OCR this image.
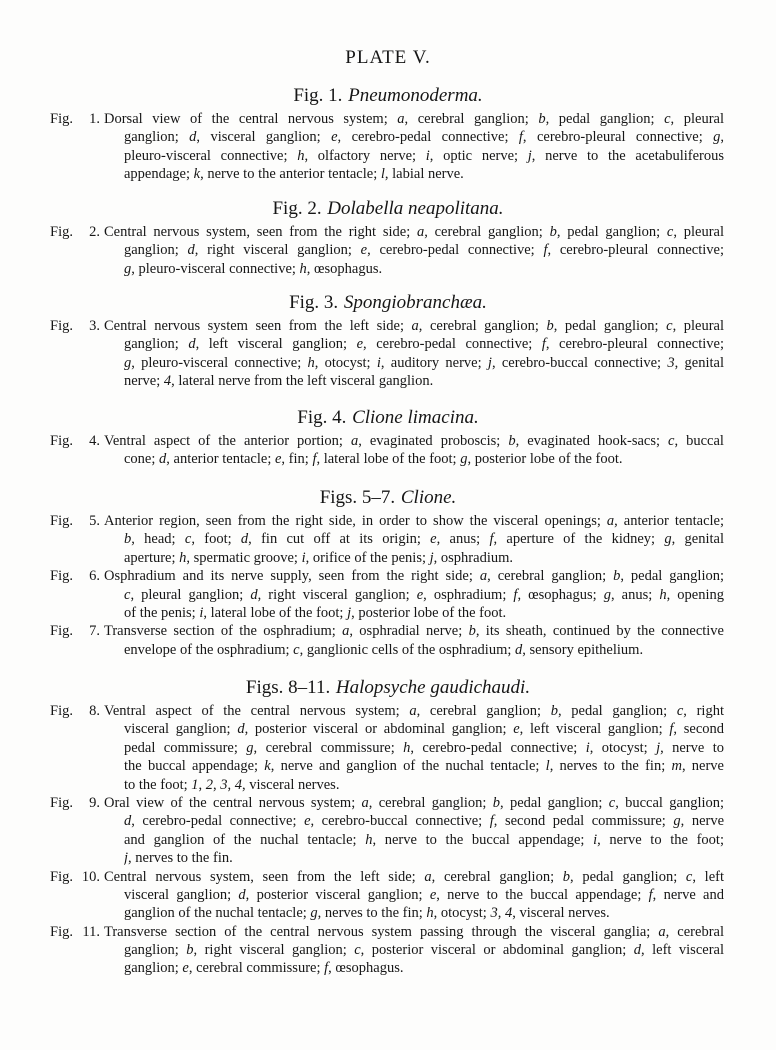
PLATE V.
Fig. 1. Pneumonoderma.
Fig.	1. Dorsal view of the central nervous system; a, cerebral ganglion; b, pedal ganglion; c, pleural
ganglion; d, visceral ganglion; e, cerebro-pedal connective; f, cerebro-pleural connective; g,
pleuro-visceral connective; h, olfactory nerve; i, optic nerve; j, nerve to the acetabuliferous
appendage; k, nerve to the anterior tentacle; l, labial nerve.
Fig. 2. Dolabella neapolitana.
Fig.	2. Central nervous system, seen from the right side; a, cerebral ganglion; b, pedal ganglion; c, pleural
ganglion; d, right visceral ganglion; e, cerebro-pedal connective; f, cerebro-pleural connective;
g, pleuro-visceral connective; h, œsophagus.
Fig. 3. Spongiobranchæa.
Fig.	3. Central nervous system seen from the left side; a, cerebral ganglion; b, pedal ganglion; c, pleural
ganglion; d, left visceral ganglion; e, cerebro-pedal connective; f, cerebro-pleural connective;
g, pleuro-visceral connective; h, otocyst; i, auditory nerve; j, cerebro-buccal connective; 3, genital
nerve; 4, lateral nerve from the left visceral ganglion.
Fig. 4. Clione limacina.
Fig.	4. Ventral aspect of the anterior portion; a, evaginated proboscis; b, evaginated hook-sacs; c, buccal
cone; d, anterior tentacle; e, fin; f, lateral lobe of the foot; g, posterior lobe of the foot.
Figs. 5–7. Clione.
Fig.	5. Anterior region, seen from the right side, in order to show the visceral openings; a, anterior tentacle;
b, head; c, foot; d, fin cut off at its origin; e, anus; f, aperture of the kidney; g, genital
aperture; h, spermatic groove; i, orifice of the penis; j, osphradium.
Fig.	6. Osphradium and its nerve supply, seen from the right side; a, cerebral ganglion; b, pedal ganglion;
c, pleural ganglion; d, right visceral ganglion; e, osphradium; f, œsophagus; g, anus; h, opening
of the penis; i, lateral lobe of the foot; j, posterior lobe of the foot.
Fig.	7. Transverse section of the osphradium; a, osphradial nerve; b, its sheath, continued by the connective
envelope of the osphradium; c, ganglionic cells of the osphradium; d, sensory epithelium.
Figs. 8–11. Halopsyche gaudichaudi.
Fig.	8. Ventral aspect of the central nervous system; a, cerebral ganglion; b, pedal ganglion; c, right
visceral ganglion; d, posterior visceral or abdominal ganglion; e, left visceral ganglion; f, second
pedal commissure; g, cerebral commissure; h, cerebro-pedal connective; i, otocyst; j, nerve to
the buccal appendage; k, nerve and ganglion of the nuchal tentacle; l, nerves to the fin; m, nerve
to the foot; 1, 2, 3, 4, visceral nerves.
Fig.	9. Oral view of the central nervous system; a, cerebral ganglion; b, pedal ganglion; c, buccal ganglion;
d, cerebro-pedal connective; e, cerebro-buccal connective; f, second pedal commissure; g, nerve
and ganglion of the nuchal tentacle; h, nerve to the buccal appendage; i, nerve to the foot;
j, nerves to the fin.
Fig. 10. Central nervous system, seen from the left side; a, cerebral ganglion; b, pedal ganglion; c, left
visceral ganglion; d, posterior visceral ganglion; e, nerve to the buccal appendage; f, nerve and
ganglion of the nuchal tentacle; g, nerves to the fin; h, otocyst; 3, 4, visceral nerves.
Fig. 11. Transverse section of the central nervous system passing through the visceral ganglia; a, cerebral
ganglion; b, right visceral ganglion; c, posterior visceral or abdominal ganglion; d, left visceral
ganglion; e, cerebral commissure; f, œsophagus.
